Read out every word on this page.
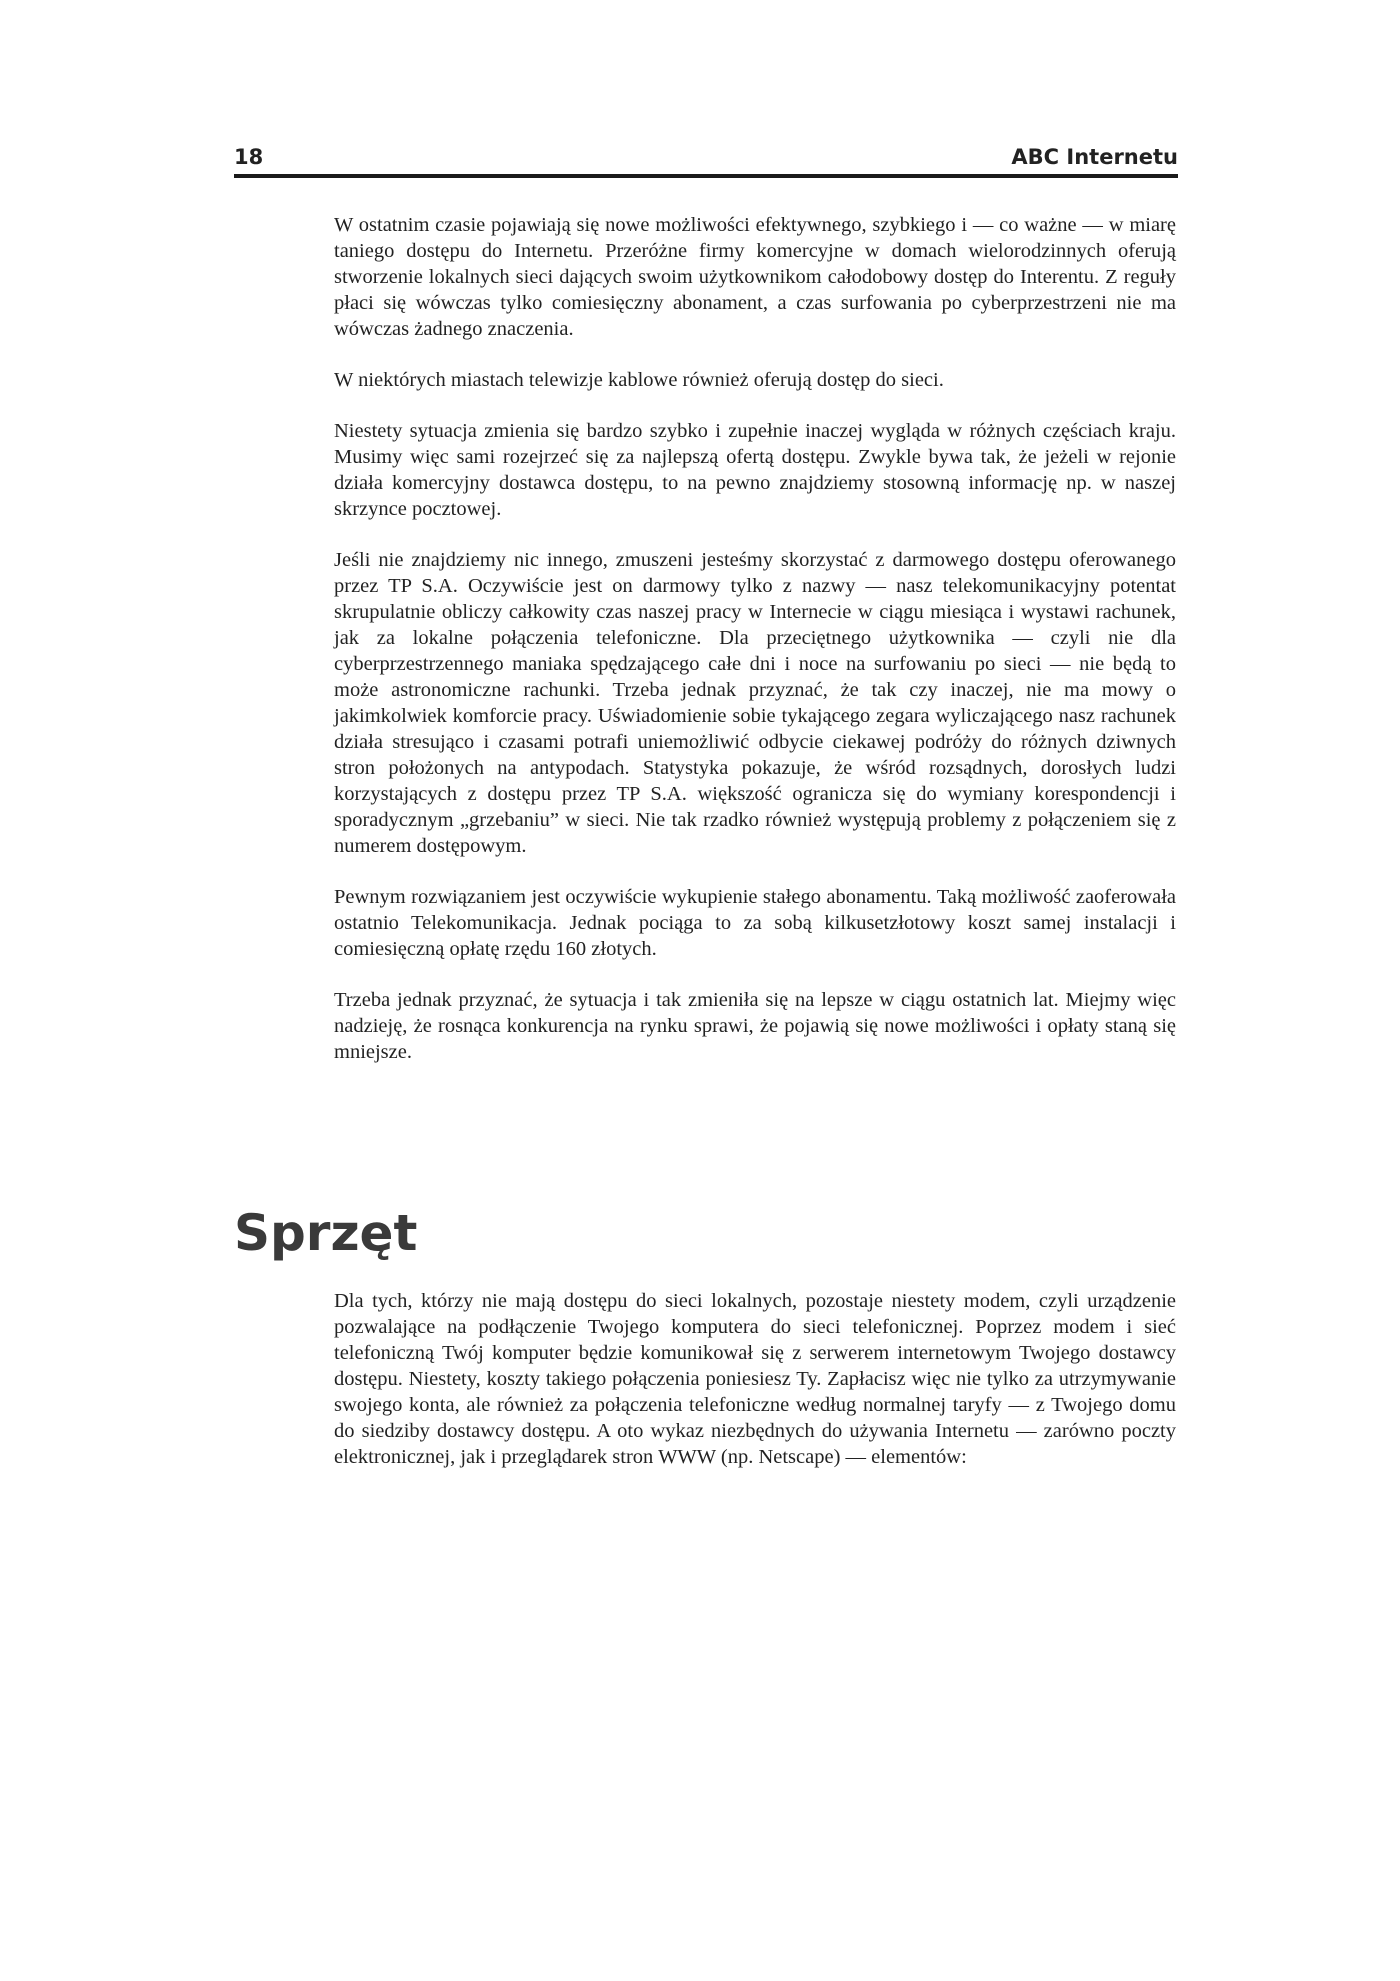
18	ABC Internetu

W ostatnim czasie pojawiają się nowe możliwości efektywnego, szybkiego i — co ważne — w miarę taniego dostępu do Internetu. Przeróżne firmy komercyjne w domach wielorodzinnych oferują stworzenie lokalnych sieci dających swoim użytkownikom całodobowy dostęp do Interentu. Z reguły płaci się wówczas tylko comiesięczny abonament, a czas surfowania po cyberprzestrzeni nie ma wówczas żadnego znaczenia.

W niektórych miastach telewizje kablowe również oferują dostęp do sieci.

Niestety sytuacja zmienia się bardzo szybko i zupełnie inaczej wygląda w różnych częściach kraju. Musimy więc sami rozejrzeć się za najlepszą ofertą dostępu. Zwykle bywa tak, że jeżeli w rejonie działa komercyjny dostawca dostępu, to na pewno znajdziemy stosowną informację np. w naszej skrzynce pocztowej.

Jeśli nie znajdziemy nic innego, zmuszeni jesteśmy skorzystać z darmowego dostępu oferowanego przez TP S.A. Oczywiście jest on darmowy tylko z nazwy — nasz telekomunikacyjny potentat skrupulatnie obliczy całkowity czas naszej pracy w Internecie w ciągu miesiąca i wystawi rachunek, jak za lokalne połączenia telefoniczne. Dla przeciętnego użytkownika — czyli nie dla cyberprzestrzennego maniaka spędzającego całe dni i noce na surfowaniu po sieci — nie będą to może astronomiczne rachunki. Trzeba jednak przyznać, że tak czy inaczej, nie ma mowy o jakimkolwiek komforcie pracy. Uświadomienie sobie tykającego zegara wyliczającego nasz rachunek działa stresująco i czasami potrafi uniemożliwić odbycie ciekawej podróży do różnych dziwnych stron położonych na antypodach. Statystyka pokazuje, że wśród rozsądnych, dorosłych ludzi korzystających z dostępu przez TP S.A. większość ogranicza się do wymiany korespondencji i sporadycznym „grzebaniu” w sieci. Nie tak rzadko również występują problemy z połączeniem się z numerem dostępowym.

Pewnym rozwiązaniem jest oczywiście wykupienie stałego abonamentu. Taką możliwość zaoferowała ostatnio Telekomunikacja. Jednak pociąga to za sobą kilkusetzłotowy koszt samej instalacji i comiesięczną opłatę rzędu 160 złotych.

Trzeba jednak przyznać, że sytuacja i tak zmieniła się na lepsze w ciągu ostatnich lat. Miejmy więc nadzieję, że rosnąca konkurencja na rynku sprawi, że pojawią się nowe możliwości i opłaty staną się mniejsze.

Sprzęt

Dla tych, którzy nie mają dostępu do sieci lokalnych, pozostaje niestety modem, czyli urządzenie pozwalające na podłączenie Twojego komputera do sieci telefonicznej. Poprzez modem i sieć telefoniczną Twój komputer będzie komunikował się z serwerem internetowym Twojego dostawcy dostępu. Niestety, koszty takiego połączenia poniesiesz Ty. Zapłacisz więc nie tylko za utrzymywanie swojego konta, ale również za połączenia telefoniczne według normalnej taryfy — z Twojego domu do siedziby dostawcy dostępu. A oto wykaz niezbędnych do używania Internetu — zarówno poczty elektronicznej, jak i przeglądarek stron WWW (np. Netscape) — elementów:
